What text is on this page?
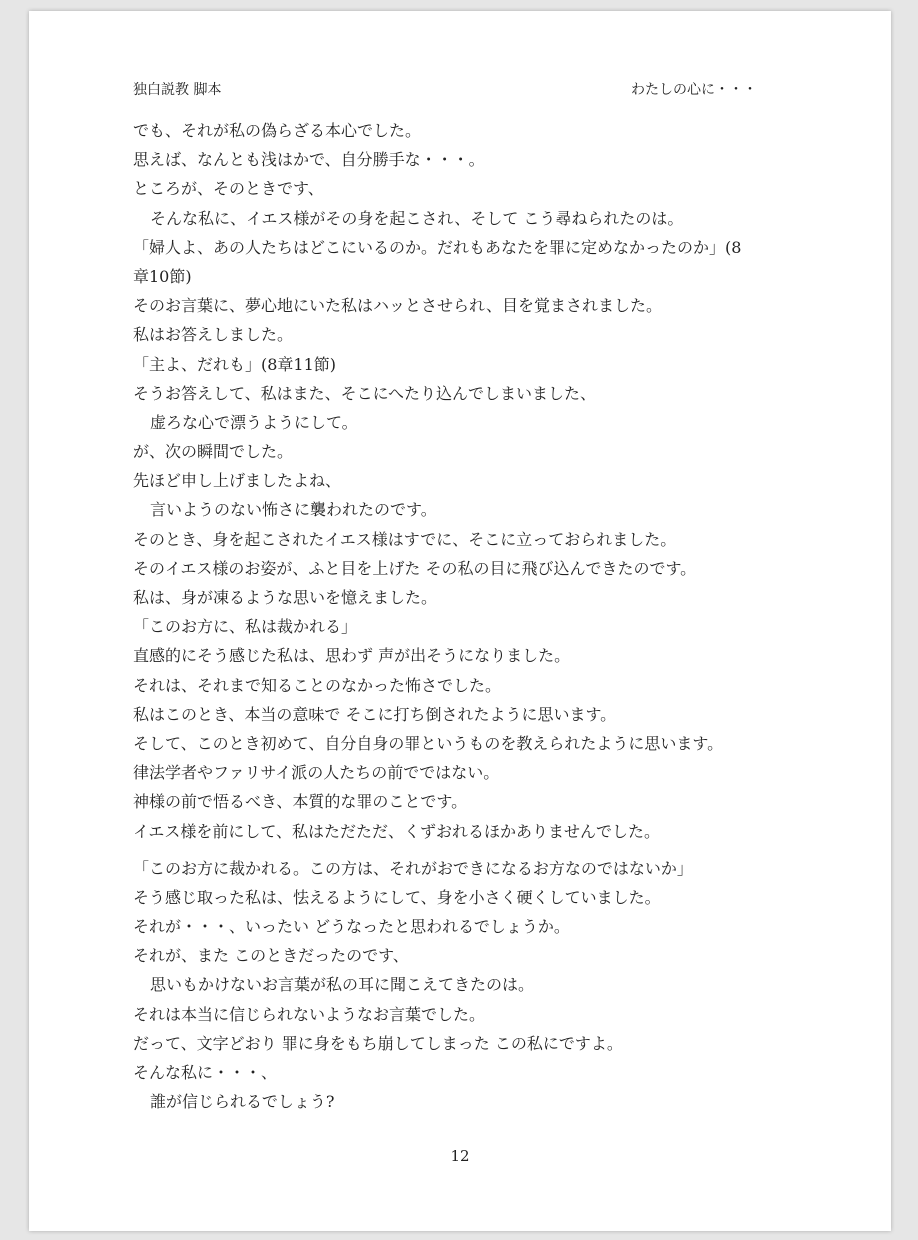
独白説教 脚本	わたしの心に・・・
でも、それが私の偽らざる本心でした。
思えば、なんとも浅はかで、自分勝手な・・・。
ところが、そのときです、
そんな私に、イエス様がその身を起こされ、そして こう尋ねられたのは。
「婦人よ、あの人たちはどこにいるのか。だれもあなたを罪に定めなかったのか」(8
章10節)
そのお言葉に、夢心地にいた私はハッとさせられ、目を覚まされました。
私はお答えしました。
「主よ、だれも」(8章11節)
そうお答えして、私はまた、そこにへたり込んでしまいました、
虚ろな心で漂うようにして。
が、次の瞬間でした。
先ほど申し上げましたよね、
言いようのない怖さに襲われたのです。
そのとき、身を起こされたイエス様はすでに、そこに立っておられました。
そのイエス様のお姿が、ふと目を上げた その私の目に飛び込んできたのです。
私は、身が凍るような思いを憶えました。
「このお方に、私は裁かれる」
直感的にそう感じた私は、思わず 声が出そうになりました。
それは、それまで知ることのなかった怖さでした。
私はこのとき、本当の意味で そこに打ち倒されたように思います。
そして、このとき初めて、自分自身の罪というものを教えられたように思います。
律法学者やファリサイ派の人たちの前でではない。
神様の前で悟るべき、本質的な罪のことです。
イエス様を前にして、私はただただ、くずおれるほかありませんでした。
「このお方に裁かれる。この方は、それがおできになるお方なのではないか」
そう感じ取った私は、怯えるようにして、身を小さく硬くしていました。
それが・・・、いったい どうなったと思われるでしょうか。
それが、また このときだったのです、
思いもかけないお言葉が私の耳に聞こえてきたのは。
それは本当に信じられないようなお言葉でした。
だって、文字どおり 罪に身をもち崩してしまった この私にですよ。
そんな私に・・・、
誰が信じられるでしょう?
12
